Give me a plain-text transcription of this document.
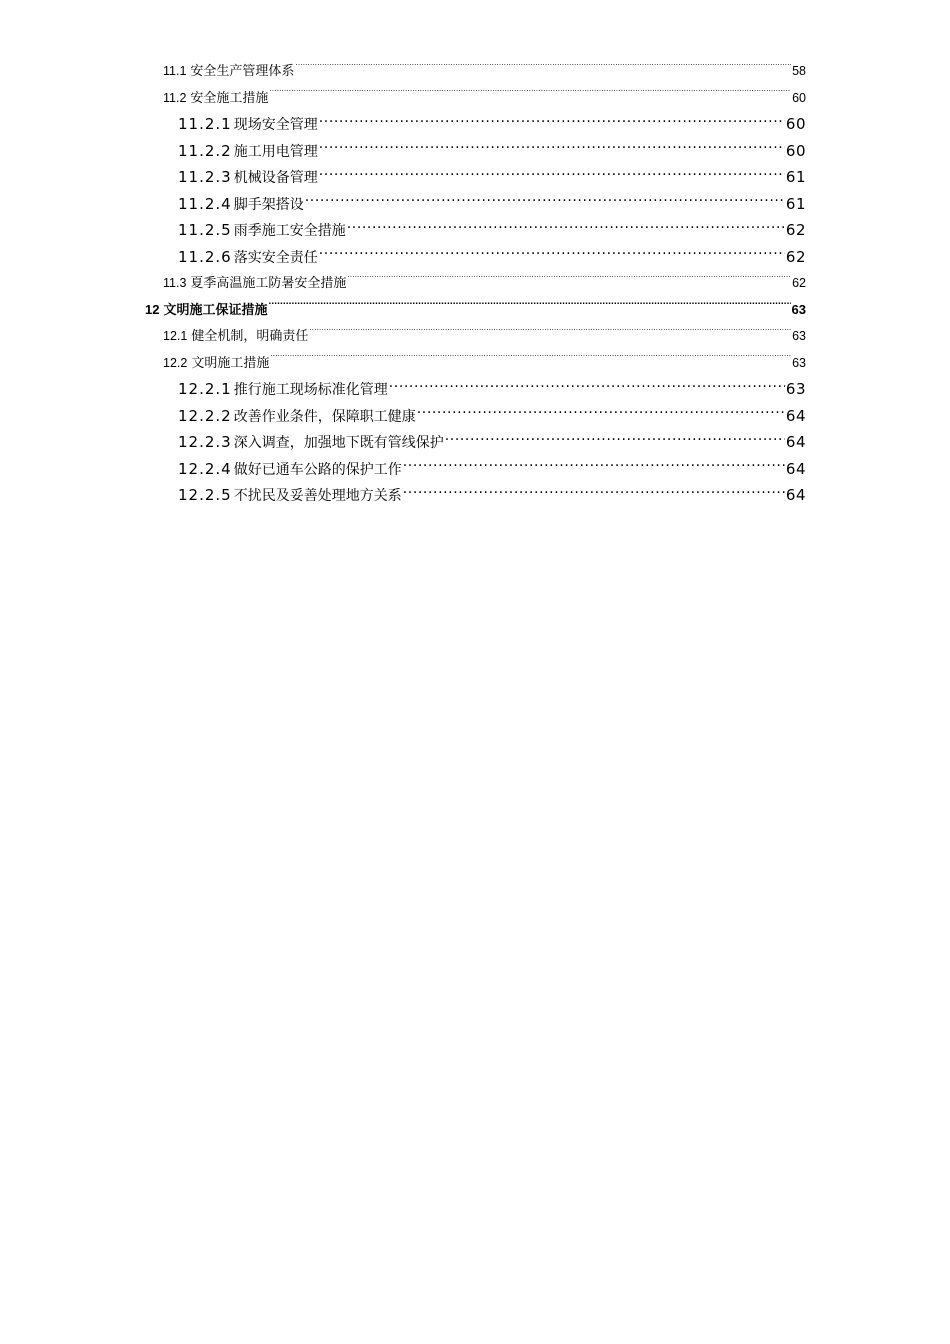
11.1 安全生产管理体系 .....	58
11.2 安全施工措施 .....	60
11.2.1 现场安全管理 .....	60
11.2.2 施工用电管理 .....	60
11.2.3 机械设备管理 .....	61
11.2.4 脚手架搭设 .....	61
11.2.5 雨季施工安全措施 .....	62
11.2.6 落实安全责任 .....	62
11.3 夏季高温施工防暑安全措施 .....	62
12 文明施工保证措施 .....	63
12.1 健全机制，明确责任 .....	63
12.2 文明施工措施 .....	63
12.2.1 推行施工现场标准化管理 .....	63
12.2.2 改善作业条件，保障职工健康 .....	64
12.2.3 深入调查，加强地下既有管线保护 .....	64
12.2.4 做好已通车公路的保护工作 .....	64
12.2.5 不扰民及妥善处理地方关系 .....	64
